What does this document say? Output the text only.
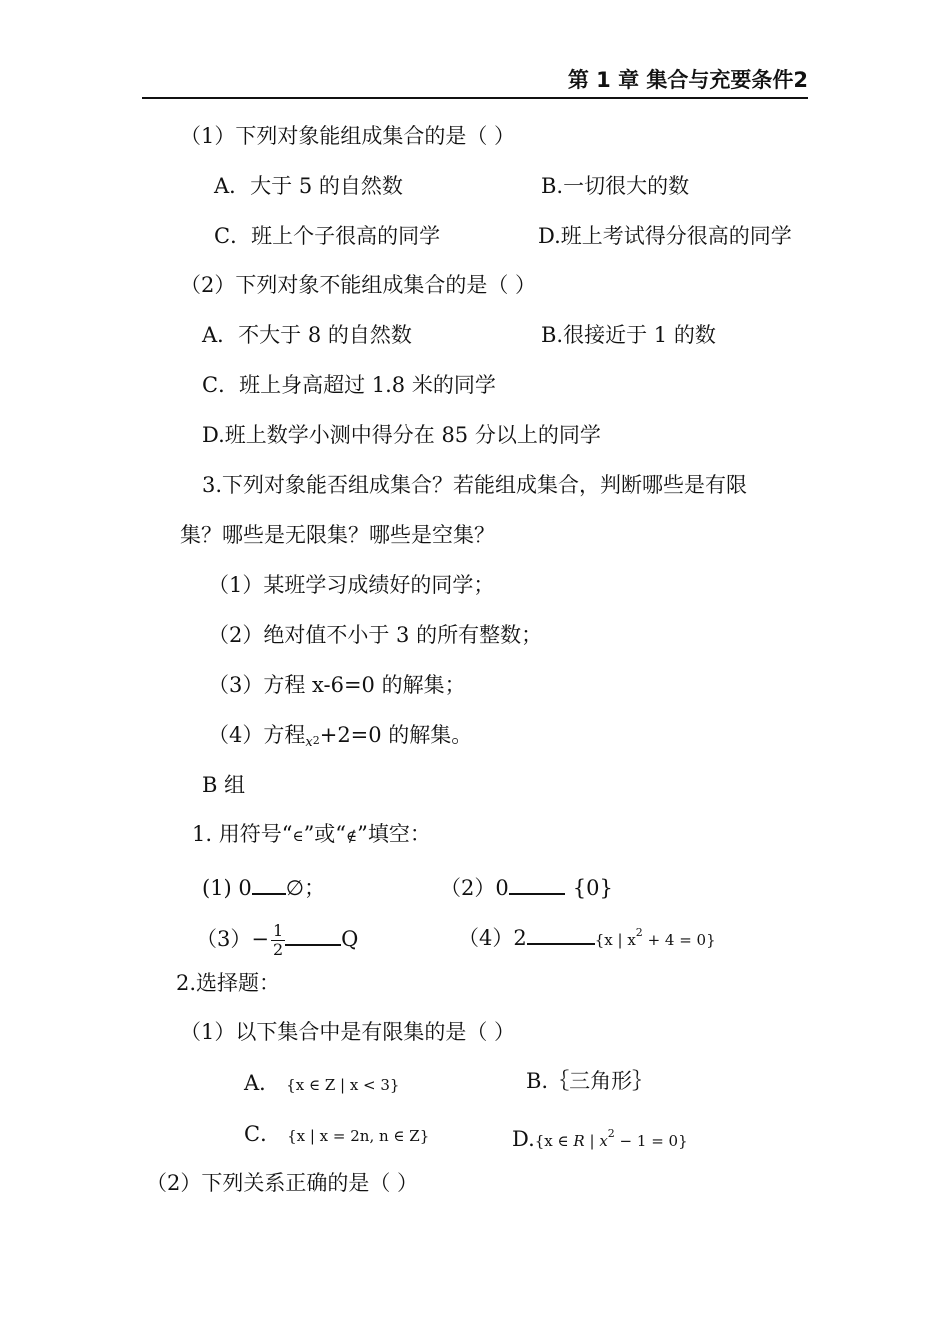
第 1 章 集合与充要条件2
（1）下列对象能组成集合的是（ ）
A．大于 5 的自然数	B.一切很大的数
C．班上个子很高的同学	D.班上考试得分很高的同学
（2）下列对象不能组成集合的是（ ）
A．不大于 8 的自然数	B.很接近于 1 的数
C．班上身高超过 1.8 米的同学
D.班上数学小测中得分在 85 分以上的同学
3.下列对象能否组成集合？若能组成集合，判断哪些是有限
集？哪些是无限集？哪些是空集？
（1）某班学习成绩好的同学；
（2）绝对值不小于 3 的所有整数；
（3）方程 x-6=0 的解集；
（4）方程$_x$2+2=0 的解集。
B 组
1. 用符号“∈”或“∉”填空：
(1) 0 ∅；	（2）0	{0}
$(3)- \frac{1}{2}$	Q	（4）2	{x | $x^2 + 4 = 0$}
2.选择题：
（1）以下集合中是有限集的是（ ）
A． {x ∈ Z | x < 3}	B.｛三角形｝
C． {x | x = 2n, n ∈ Z}	D.{x ∈ R | $x^2 - 1 = 0$}
（2）下列关系正确的是（ ）
